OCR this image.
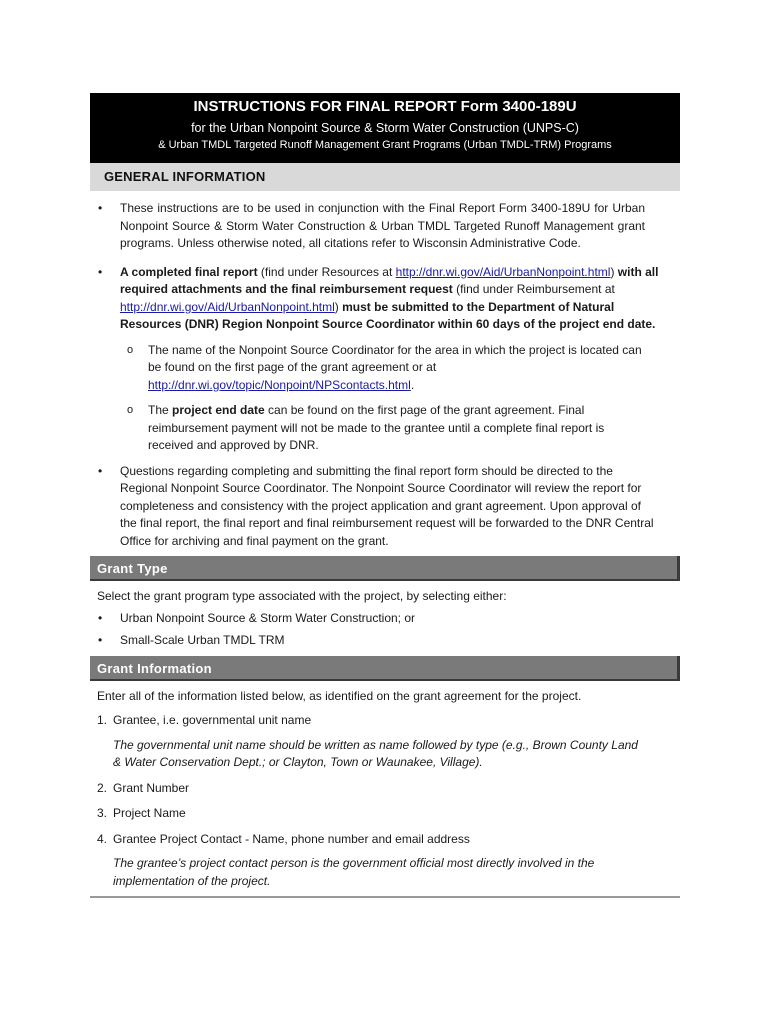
INSTRUCTIONS FOR FINAL REPORT Form 3400-189U
for the Urban Nonpoint Source & Storm Water Construction (UNPS-C)
& Urban TMDL Targeted Runoff Management Grant Programs (Urban TMDL-TRM) Programs
GENERAL INFORMATION
• These instructions are to be used in conjunction with the Final Report Form 3400-189U for Urban Nonpoint Source & Storm Water Construction & Urban TMDL Targeted Runoff Management grant programs. Unless otherwise noted, all citations refer to Wisconsin Administrative Code.
• A completed final report (find under Resources at http://dnr.wi.gov/Aid/UrbanNonpoint.html) with all required attachments and the final reimbursement request (find under Reimbursement at http://dnr.wi.gov/Aid/UrbanNonpoint.html) must be submitted to the Department of Natural Resources (DNR) Region Nonpoint Source Coordinator within 60 days of the project end date.
o The name of the Nonpoint Source Coordinator for the area in which the project is located can be found on the first page of the grant agreement or at http://dnr.wi.gov/topic/Nonpoint/NPScontacts.html.
o The project end date can be found on the first page of the grant agreement. Final reimbursement payment will not be made to the grantee until a complete final report is received and approved by DNR.
• Questions regarding completing and submitting the final report form should be directed to the Regional Nonpoint Source Coordinator. The Nonpoint Source Coordinator will review the report for completeness and consistency with the project application and grant agreement. Upon approval of the final report, the final report and final reimbursement request will be forwarded to the DNR Central Office for archiving and final payment on the grant.
Grant Type
Select the grant program type associated with the project, by selecting either:
• Urban Nonpoint Source & Storm Water Construction; or
• Small-Scale Urban TMDL TRM
Grant Information
Enter all of the information listed below, as identified on the grant agreement for the project.
1. Grantee, i.e. governmental unit name
The governmental unit name should be written as name followed by type (e.g., Brown County Land & Water Conservation Dept.; or Clayton, Town or Waunakee, Village).
2. Grant Number
3. Project Name
4. Grantee Project Contact - Name, phone number and email address
The grantee’s project contact person is the government official most directly involved in the implementation of the project.
